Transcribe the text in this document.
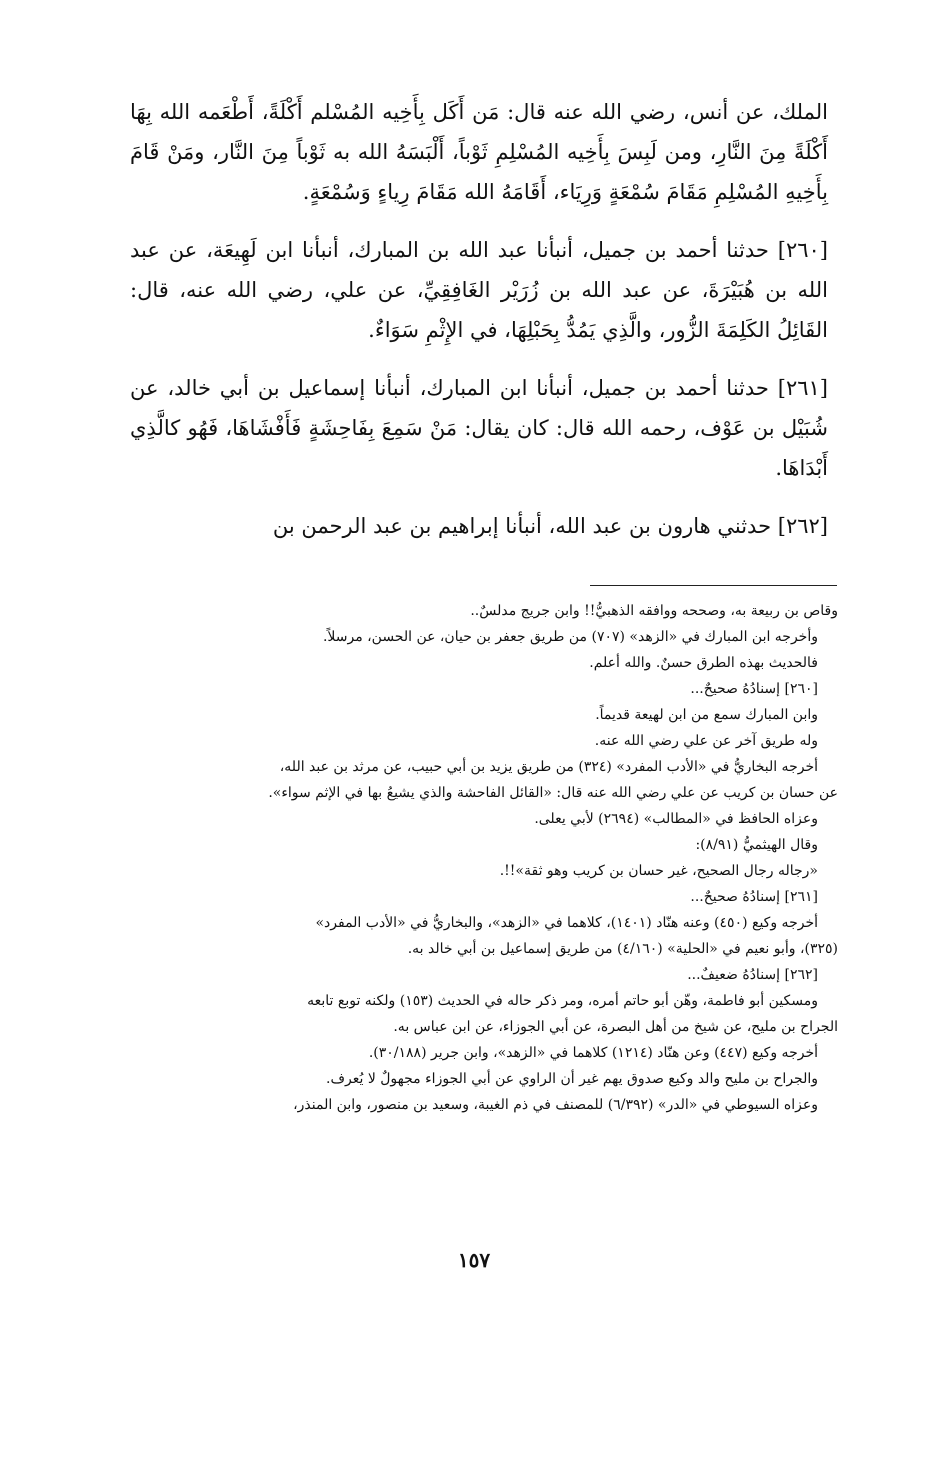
الملك، عن أنس، رضي الله عنه قال: مَن أَكَل بِأَخِيه المُسْلم أَكْلَةً، أَطْعَمه الله بِهَا أَكْلَةً مِنَ النَّارِ، ومن لَبِسَ بِأَخِيه المُسْلِمِ ثَوْباً، أَلْبَسَهُ الله به ثَوْباً مِنَ النَّار، ومَنْ قَامَ بِأَخِيهِ المُسْلِمِ مَقَامَ سُمْعَةٍ وَرِيَاء، أَقَامَهُ الله مَقَامَ رِياءٍ وَسُمْعَةٍ.

[٢٦٠] حدثنا أحمد بن جميل، أنبأنا عبد الله بن المبارك، أنبأنا ابن لَهِيعَة، عن عبد الله بن هُبَيْرَةَ، عن عبد الله بن زُرَيْر الغَافِقِيِّ، عن علي، رضي الله عنه، قال: القَائِلُ الكَلِمَةَ الزُّور، والَّذِي يَمُدُّ بِحَبْلِهَا، في الإِثْمِ سَوَاءٌ.

[٢٦١] حدثنا أحمد بن جميل، أنبأنا ابن المبارك، أنبأنا إسماعيل بن أبي خالد، عن شُبَيْل بن عَوْف، رحمه الله قال: كان يقال: مَنْ سَمِعَ بِفَاحِشَةٍ فَأَفْشَاهَا، فَهُو كالَّذِي أَبْدَاهَا.

[٢٦٢] حدثني هارون بن عبد الله، أنبأنا إبراهيم بن عبد الرحمن بن

وقاص بن ربيعة به، وصححه ووافقه الذهبيُّ!! وابن جريج مدلسٌ..
وأخرجه ابن المبارك في «الزهد» (٧٠٧) من طريق جعفر بن حيان، عن الحسن، مرسلاً.
فالحديث بهذه الطرق حسنٌ. والله أعلم.
[٢٦٠] إسنادُهُ صحيحٌ...
وابن المبارك سمع من ابن لهيعة قديماً.
وله طريق آخر عن علي رضي الله عنه.
أخرجه البخاريُّ في «الأدب المفرد» (٣٢٤) من طريق يزيد بن أبي حبيب، عن مرثد بن عبد الله،
عن حسان بن كريب عن علي رضي الله عنه قال: «القائل الفاحشة والذي يشيعُ بها في الإثم سواء».
وعزاه الحافظ في «المطالب» (٢٦٩٤) لأبي يعلى.
وقال الهيثميُّ (٨/٩١):
«رجاله رجال الصحيح، غير حسان بن كريب وهو ثقة»!!.
[٢٦١] إسنادُهُ صحيحٌ...
أخرجه وكيع (٤٥٠) وعنه هنّاد (١٤٠١)، كلاهما في «الزهد»، والبخاريُّ في «الأدب المفرد»
(٣٢٥)، وأبو نعيم في «الحلية» (٤/١٦٠) من طريق إسماعيل بن أبي خالد به.
[٢٦٢] إسنادُهُ ضعيفٌ...
ومسكين أبو فاطمة، وهّن أبو حاتم أمره، ومر ذكر حاله في الحديث (١٥٣) ولكنه توبع تابعه
الجراح بن مليح، عن شيخ من أهل البصرة، عن أبي الجوزاء، عن ابن عباس به.
أخرجه وكيع (٤٤٧) وعن هنّاد (١٢١٤) كلاهما في «الزهد»، وابن جرير (٣٠/١٨٨).
والجراح بن مليح والد وكيع صدوق يهم غير أن الراوي عن أبي الجوزاء مجهولٌ لا يُعرف.
وعزاه السيوطي في «الدر» (٦/٣٩٢) للمصنف في ذم الغيبة، وسعيد بن منصور، وابن المنذر،
١٥٧
